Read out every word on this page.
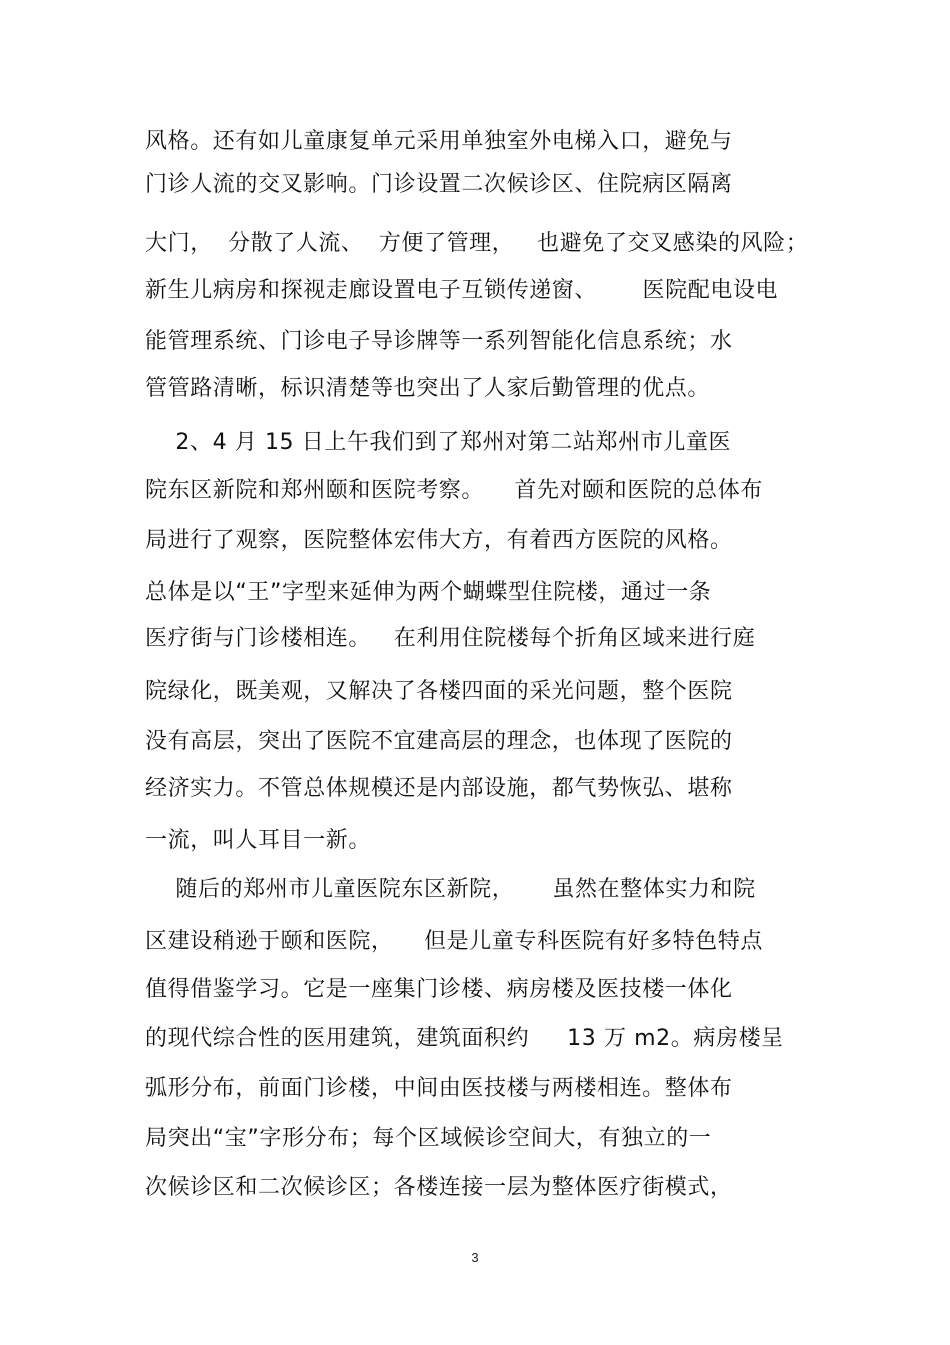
风格。还有如儿童康复单元采用单独室外电梯入口，避免与
门诊人流的交叉影响。门诊设置二次候诊区、住院病区隔离
大门，  分散了人流、  方便了管理，   也避免了交叉感染的风险；
新生儿病房和探视走廊设置电子互锁传递窗、      医院配电设电
能管理系统、门诊电子导诊牌等一系列智能化信息系统；水
管管路清晰，标识清楚等也突出了人家后勤管理的优点。
2、4 月 15 日上午我们到了郑州对第二站郑州市儿童医
院东区新院和郑州颐和医院考察。    首先对颐和医院的总体布
局进行了观察，医院整体宏伟大方，有着西方医院的风格。
总体是以“王”字型来延伸为两个蝴蝶型住院楼，通过一条
医疗街与门诊楼相连。   在利用住院楼每个折角区域来进行庭
院绿化，既美观，又解决了各楼四面的采光问题，整个医院
没有高层，突出了医院不宜建高层的理念，也体现了医院的
经济实力。不管总体规模还是内部设施，都气势恢弘、堪称
一流，叫人耳目一新。
随后的郑州市儿童医院东区新院，     虽然在整体实力和院
区建设稍逊于颐和医院，    但是儿童专科医院有好多特色特点
值得借鉴学习。它是一座集门诊楼、病房楼及医技楼一体化
的现代综合性的医用建筑，建筑面积约     13 万 m2。病房楼呈
弧形分布，前面门诊楼，中间由医技楼与两楼相连。整体布
局突出“宝”字形分布；每个区域候诊空间大，有独立的一
次候诊区和二次候诊区；各楼连接一层为整体医疗街模式，
3
